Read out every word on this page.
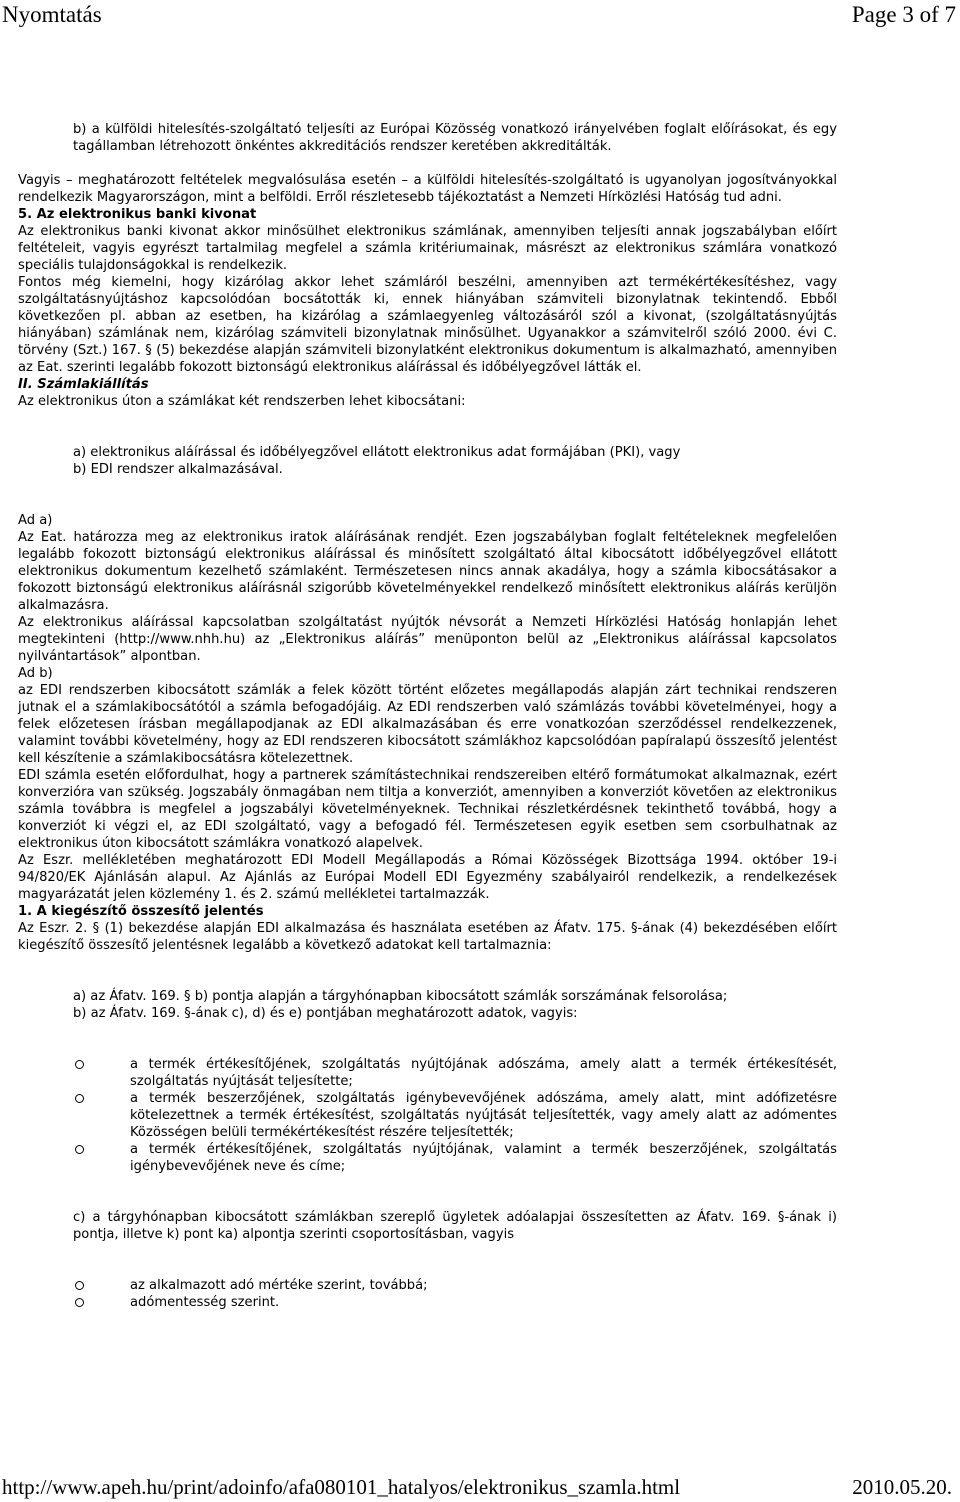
Nyomtatás	Page 3 of 7

b) a külföldi hitelesítés-szolgáltató teljesíti az Európai Közösség vonatkozó irányelvében foglalt előírásokat, és egy tagállamban létrehozott önkéntes akkreditációs rendszer keretében akkreditálták.

Vagyis – meghatározott feltételek megvalósulása esetén – a külföldi hitelesítés-szolgáltató is ugyanolyan jogosítványokkal rendelkezik Magyarországon, mint a belföldi. Erről részletesebb tájékoztatást a Nemzeti Hírközlési Hatóság tud adni.

5. Az elektronikus banki kivonat

Az elektronikus banki kivonat akkor minősülhet elektronikus számlának, amennyiben teljesíti annak jogszabályban előírt feltételeit, vagyis egyrészt tartalmilag megfelel a számla kritériumainak, másrészt az elektronikus számlára vonatkozó speciális tulajdonságokkal is rendelkezik.

Fontos még kiemelni, hogy kizárólag akkor lehet számláról beszélni, amennyiben azt termékértékesítéshez, vagy szolgáltatásnyújtáshoz kapcsolódóan bocsátották ki, ennek hiányában számviteli bizonylatnak tekintendő. Ebből következően pl. abban az esetben, ha kizárólag a számlaegyenleg változásáról szól a kivonat, (szolgáltatásnyújtás hiányában) számlának nem, kizárólag számviteli bizonylatnak minősülhet. Ugyanakkor a számvitelről szóló 2000. évi C. törvény (Szt.) 167. § (5) bekezdése alapján számviteli bizonylatként elektronikus dokumentum is alkalmazható, amennyiben az Eat. szerinti legalább fokozott biztonságú elektronikus aláírással és időbélyegzővel látták el.

II. Számlakiállítás

Az elektronikus úton a számlákat két rendszerben lehet kibocsátani:

a) elektronikus aláírással és időbélyegzővel ellátott elektronikus adat formájában (PKI), vagy

b) EDI rendszer alkalmazásával.

Ad a)

Az Eat. határozza meg az elektronikus iratok aláírásának rendjét. Ezen jogszabályban foglalt feltételeknek megfelelően legalább fokozott biztonságú elektronikus aláírással és minősített szolgáltató által kibocsátott időbélyegzővel ellátott elektronikus dokumentum kezelhető számlaként. Természetesen nincs annak akadálya, hogy a számla kibocsátásakor a fokozott biztonságú elektronikus aláírásnál szigorúbb követelményekkel rendelkező minősített elektronikus aláírás kerüljön alkalmazásra.

Az elektronikus aláírással kapcsolatban szolgáltatást nyújtók névsorát a Nemzeti Hírközlési Hatóság honlapján lehet megtekinteni (http://www.nhh.hu) az „Elektronikus aláírás” menüponton belül az „Elektronikus aláírással kapcsolatos nyilvántartások” alpontban.

Ad b)

az EDI rendszerben kibocsátott számlák a felek között történt előzetes megállapodás alapján zárt technikai rendszeren jutnak el a számlakibocsátótól a számla befogadójáig. Az EDI rendszerben való számlázás további követelményei, hogy a felek előzetesen írásban megállapodjanak az EDI alkalmazásában és erre vonatkozóan szerződéssel rendelkezzenek, valamint további követelmény, hogy az EDI rendszeren kibocsátott számlákhoz kapcsolódóan papíralapú összesítő jelentést kell készítenie a számlakibocsátásra kötelezettnek.

EDI számla esetén előfordulhat, hogy a partnerek számítástechnikai rendszereiben eltérő formátumokat alkalmaznak, ezért konverzióra van szükség. Jogszabály önmagában nem tiltja a konverziót, amennyiben a konverziót követően az elektronikus számla továbbra is megfelel a jogszabályi követelményeknek. Technikai részletkérdésnek tekinthető továbbá, hogy a konverziót ki végzi el, az EDI szolgáltató, vagy a befogadó fél. Természetesen egyik esetben sem csorbulhatnak az elektronikus úton kibocsátott számlákra vonatkozó alapelvek.

Az Eszr. mellékletében meghatározott EDI Modell Megállapodás a Római Közösségek Bizottsága 1994. október 19-i 94/820/EK Ajánlásán alapul. Az Ajánlás az Európai Modell EDI Egyezmény szabályairól rendelkezik, a rendelkezések magyarázatát jelen közlemény 1. és 2. számú mellékletei tartalmazzák.

1. A kiegészítő összesítő jelentés

Az Eszr. 2. § (1) bekezdése alapján EDI alkalmazása és használata esetében az Áfatv. 175. §-ának (4) bekezdésében előírt kiegészítő összesítő jelentésnek legalább a következő adatokat kell tartalmaznia:

a) az Áfatv. 169. § b) pontja alapján a tárgyhónapban kibocsátott számlák sorszámának felsorolása;

b) az Áfatv. 169. §-ának c), d) és e) pontjában meghatározott adatok, vagyis:

a termék értékesítőjének, szolgáltatás nyújtójának adószáma, amely alatt a termék értékesítését, szolgáltatás nyújtását teljesítette;
a termék beszerzőjének, szolgáltatás igénybevevőjének adószáma, amely alatt, mint adófizetésre kötelezettnek a termék értékesítést, szolgáltatás nyújtását teljesítették, vagy amely alatt az adómentes Közösségen belüli termékértékesítést részére teljesítették;
a termék értékesítőjének, szolgáltatás nyújtójának, valamint a termék beszerzőjének, szolgáltatás igénybevevőjének neve és címe;

c) a tárgyhónapban kibocsátott számlákban szereplő ügyletek adóalapjai összesítetten az Áfatv. 169. §-ának i) pontja, illetve k) pont ka) alpontja szerinti csoportosításban, vagyis

az alkalmazott adó mértéke szerint, továbbá;
adómentesség szerint.
http://www.apeh.hu/print/adoinfo/afa080101_hatalyos/elektronikus_szamla.html	2010.05.20.
